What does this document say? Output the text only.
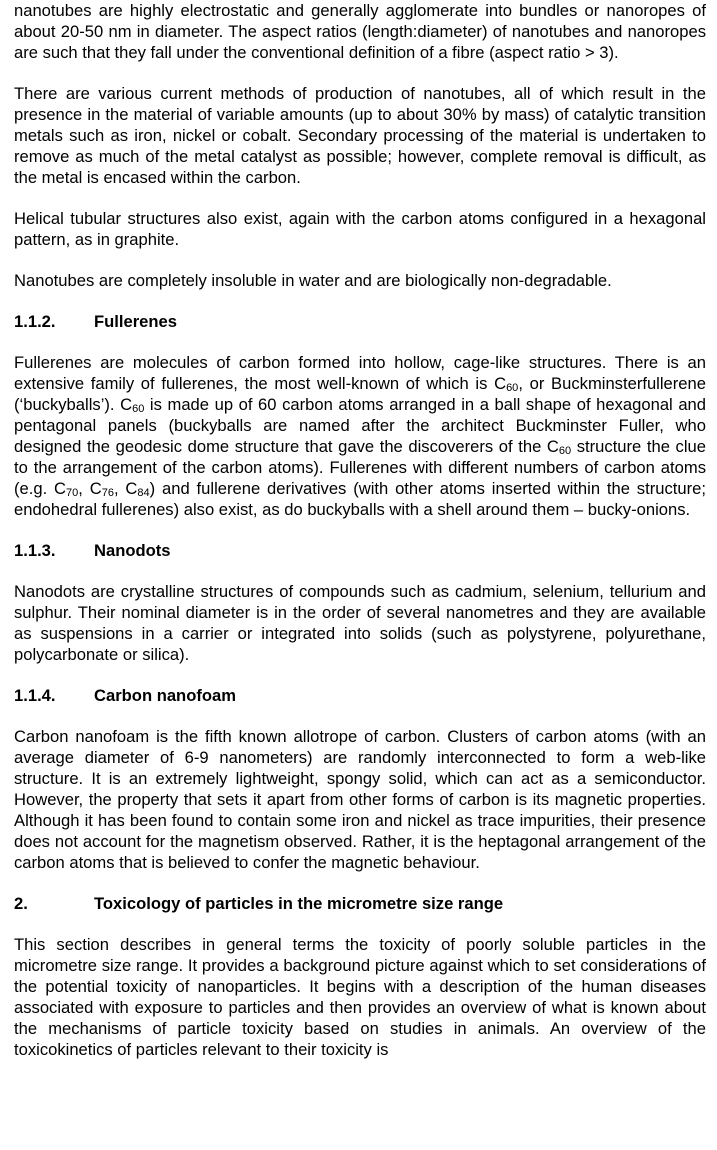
nanotubes are highly electrostatic and generally agglomerate into bundles or nanoropes of about 20-50 nm in diameter. The aspect ratios (length:diameter) of nanotubes and nanoropes are such that they fall under the conventional definition of a fibre (aspect ratio > 3).

There are various current methods of production of nanotubes, all of which result in the presence in the material of variable amounts (up to about 30% by mass) of catalytic transition metals such as iron, nickel or cobalt. Secondary processing of the material is undertaken to remove as much of the metal catalyst as possible; however, complete removal is difficult, as the metal is encased within the carbon.

Helical tubular structures also exist, again with the carbon atoms configured in a hexagonal pattern, as in graphite.

Nanotubes are completely insoluble in water and are biologically non-degradable.

1.1.2.	Fullerenes

Fullerenes are molecules of carbon formed into hollow, cage-like structures. There is an extensive family of fullerenes, the most well-known of which is $C_{60}$, or Buckminsterfullerene (‘buckyballs’). $C_{60}$ is made up of 60 carbon atoms arranged in a ball shape of hexagonal and pentagonal panels (buckyballs are named after the architect Buckminster Fuller, who designed the geodesic dome structure that gave the discoverers of the $C_{60}$ structure the clue to the arrangement of the carbon atoms). Fullerenes with different numbers of carbon atoms (e.g. $C_{70}$, $C_{76}$, $C_{84}$) and fullerene derivatives (with other atoms inserted within the structure; endohedral fullerenes) also exist, as do buckyballs with a shell around them – bucky-onions.

1.1.3.	Nanodots

Nanodots are crystalline structures of compounds such as cadmium, selenium, tellurium and sulphur. Their nominal diameter is in the order of several nanometres and they are available as suspensions in a carrier or integrated into solids (such as polystyrene, polyurethane, polycarbonate or silica).

1.1.4.	Carbon nanofoam

Carbon nanofoam is the fifth known allotrope of carbon. Clusters of carbon atoms (with an average diameter of 6-9 nanometers) are randomly interconnected to form a web-like structure. It is an extremely lightweight, spongy solid, which can act as a semiconductor. However, the property that sets it apart from other forms of carbon is its magnetic properties. Although it has been found to contain some iron and nickel as trace impurities, their presence does not account for the magnetism observed. Rather, it is the heptagonal arrangement of the carbon atoms that is believed to confer the magnetic behaviour.

2.	Toxicology of particles in the micrometre size range

This section describes in general terms the toxicity of poorly soluble particles in the micrometre size range. It provides a background picture against which to set considerations of the potential toxicity of nanoparticles. It begins with a description of the human diseases associated with exposure to particles and then provides an overview of what is known about the mechanisms of particle toxicity based on studies in animals. An overview of the toxicokinetics of particles relevant to their toxicity is
